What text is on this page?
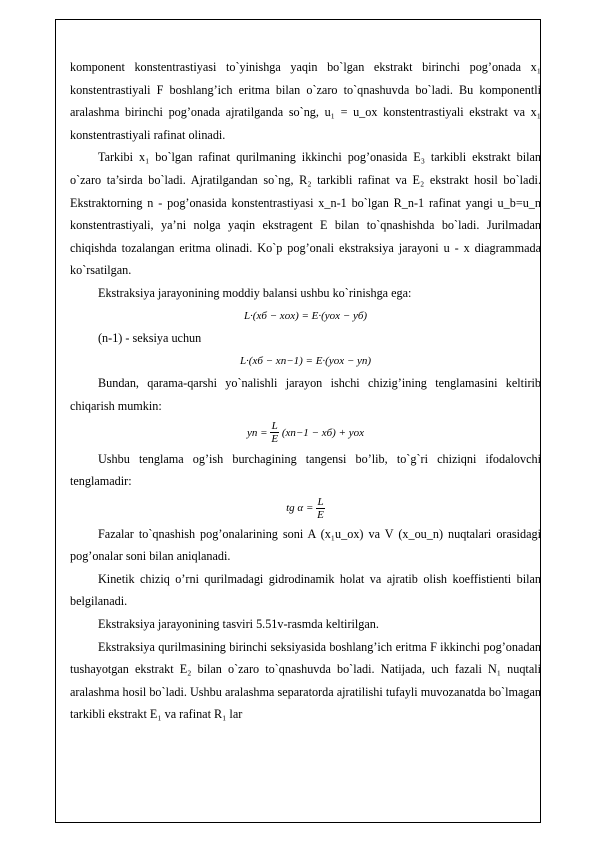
komponent konstentrastiyasi to`yinishga yaqin bo`lgan ekstrakt birinchi pog’onada x₁ konstentrastiyali F boshlang’ich eritma bilan o`zaro to`qnashuvda bo`ladi. Bu komponentli aralashma birinchi pog’onada ajratilganda so`ng, u₁ = u_ox konstentrastiyali ekstrakt va x₁ konstentrastiyali rafinat olinadi.

Tarkibi x₁ bo`lgan rafinat qurilmaning ikkinchi pog’onasida E₃ tarkibli ekstrakt bilan o`zaro ta’sirda bo`ladi. Ajratilgandan so`ng, R₂ tarkibli rafinat va E₂ ekstrakt hosil bo`ladi. Ekstraktorning n - pog’onasida konstentrastiyasi x_n-1 bo`lgan R_n-1 rafinat yangi u_b=u_n konstentrastiyali, ya’ni nolga yaqin ekstragent E bilan to`qnashishda bo`ladi. Jurilmadan chiqishda tozalangan eritma olinadi. Ko`p pog’onali ekstraksiya jarayoni u - x diagrammada ko`rsatilgan.

Ekstraksiya jarayonining moddiy balansi ushbu ko`rinishga ega:

L·(xб − xox) = E·(yox − yб)

(n-1) - seksiya uchun

L·(xб − xn−1) = E·(yox − yn)

Bundan, qarama-qarshi yo`nalishli jarayon ishchi chizig’ining tenglamasini keltirib chiqarish mumkin:

yn = $\frac{L}{E} (xn-1 - xб)$ + yox

Ushbu tenglama og’ish burchagining tangensi bo’lib, to`g`ri chiziqni ifodalovchi tenglamadir:

tg $\alpha = \frac{L}{E}$

Fazalar to`qnashish pog’onalarining soni A (x₁u_ox) va V (x_ou_n) nuqtalari orasidagi pog’onalar soni bilan aniqlanadi.

Kinetik chiziq o’rni qurilmadagi gidrodinamik holat va ajratib olish koeffistienti bilan belgilanadi.

Ekstraksiya jarayonining tasviri 5.51v-rasmda keltirilgan.

Ekstraksiya qurilmasining birinchi seksiyasida boshlang’ich eritma F ikkinchi pog’onadan tushayotgan ekstrakt E₂ bilan o`zaro to`qnashuvda bo`ladi. Natijada, uch fazali N₁ nuqtali aralashma hosil bo`ladi. Ushbu aralashma separatorda ajratilishi tufayli muvozanatda bo`lmagan tarkibli ekstrakt E₁ va rafinat R₁ lar
